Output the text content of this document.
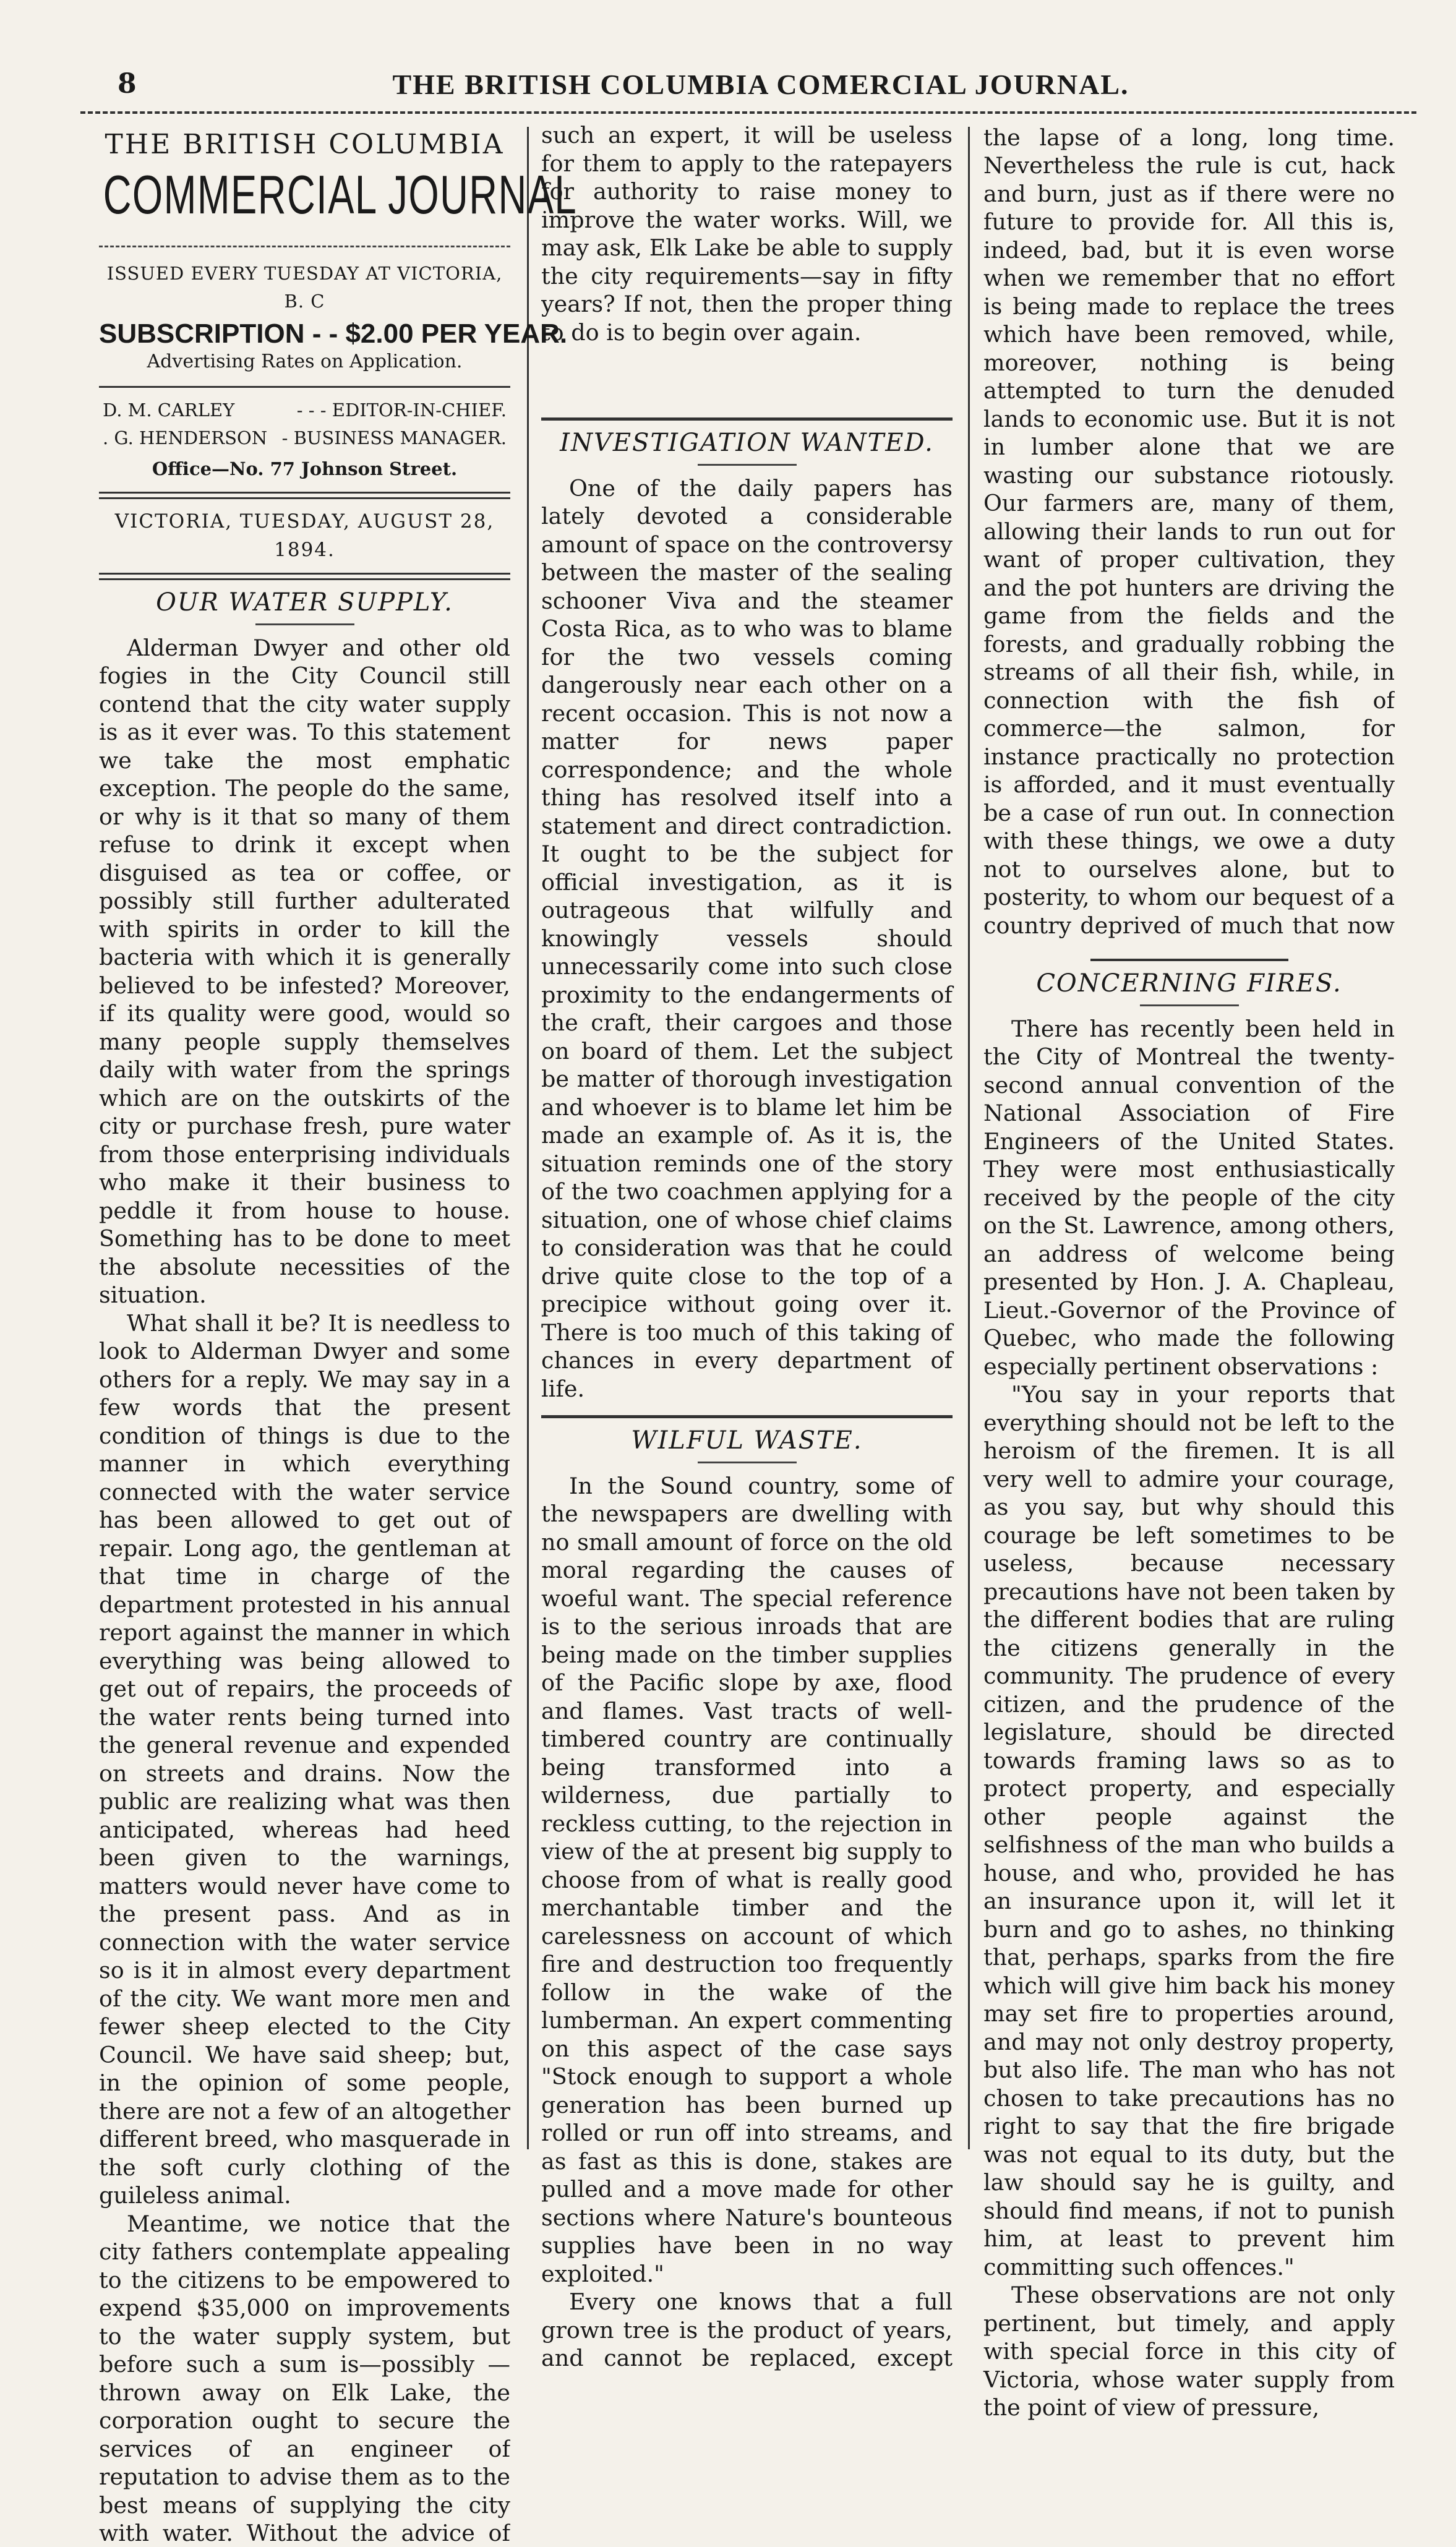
8	THE BRITISH COLUMBIA COMERCIAL JOURNAL.
THE BRITISH COLUMBIA
COMMERCIAL JOURNAL
ISSUED EVERY TUESDAY AT VICTORIA, B. C
SUBSCRIPTION - - $2.00 PER YEAR.
Advertising Rates on Application.
D. M. CARLEY	- - - EDITOR-IN-CHIEF.
. G. HENDERSON - BUSINESS MANAGER.
Office—No. 77 Johnson Street.
VICTORIA, TUESDAY, AUGUST 28, 1894.
OUR WATER SUPPLY.

Alderman Dwyer and other old fogies in the City Council still contend that the city water supply is as it ever was. To this statement we take the most emphatic exception. The people do the same, or why is it that so many of them refuse to drink it except when disguised as tea or coffee, or possibly still further adulterated with spirits in order to kill the bacteria with which it is generally believed to be infested? Moreover, if its quality were good, would so many people supply themselves daily with water from the springs which are on the outskirts of the city or purchase fresh, pure water from those enterprising individuals who make it their business to peddle it from house to house. Something has to be done to meet the absolute necessities of the situation.

What shall it be? It is needless to look to Alderman Dwyer and some others for a reply. We may say in a few words that the present condition of things is due to the manner in which everything connected with the water service has been allowed to get out of repair. Long ago, the gentleman at that time in charge of the department protested in his annual report against the manner in which everything was being allowed to get out of repairs, the proceeds of the water rents being turned into the general revenue and expended on streets and drains. Now the public are realizing what was then anticipated, whereas had heed been given to the warnings, matters would never have come to the present pass. And as in connection with the water service so is it in almost every department of the city. We want more men and fewer sheep elected to the City Council. We have said sheep; but, in the opinion of some people, there are not a few of an altogether different breed, who masquerade in the soft curly clothing of the guileless animal.

Meantime, we notice that the city fathers contemplate appealing to the citizens to be empowered to expend $35,000 on improvements to the water supply system, but before such a sum is—possibly —thrown away on Elk Lake, the corporation ought to secure the services of an engineer of reputation to advise them as to the best means of supplying the city with water. Without the advice of

such an expert, it will be useless for them to apply to the ratepayers for authority to raise money to improve the water works. Will, we may ask, Elk Lake be able to supply the city requirements—say in fifty years? If not, then the proper thing to do is to begin over again.

INVESTIGATION WANTED.

One of the daily papers has lately devoted a considerable amount of space on the controversy between the master of the sealing schooner Viva and the steamer Costa Rica, as to who was to blame for the two vessels coming dangerously near each other on a recent occasion. This is not now a matter for news paper correspondence; and the whole thing has resolved itself into a statement and direct contradiction. It ought to be the subject for official investigation, as it is outrageous that wilfully and knowingly vessels should unnecessarily come into such close proximity to the endangerments of the craft, their cargoes and those on board of them. Let the subject be matter of thorough investigation and whoever is to blame let him be made an example of. As it is, the situation reminds one of the story of the two coachmen applying for a situation, one of whose chief claims to consideration was that he could drive quite close to the top of a precipice without going over it. There is too much of this taking of chances in every department of life.

WILFUL WASTE.

In the Sound country, some of the newspapers are dwelling with no small amount of force on the old moral regarding the causes of woeful want. The special reference is to the serious inroads that are being made on the timber supplies of the Pacific slope by axe, flood and flames. Vast tracts of well-timbered country are continually being transformed into a wilderness, due partially to reckless cutting, to the rejection in view of the at present big supply to choose from of what is really good merchantable timber and the carelessness on account of which fire and destruction too frequently follow in the wake of the lumberman. An expert commenting on this aspect of the case says "Stock enough to support a whole generation has been burned up rolled or run off into streams, and as fast as this is done, stakes are pulled and a move made for other sections where Nature's bounteous supplies have been in no way exploited."

Every one knows that a full grown tree is the product of years, and cannot be replaced, except

the lapse of a long, long time. Nevertheless the rule is cut, hack and burn, just as if there were no future to provide for. All this is, indeed, bad, but it is even worse when we remember that no effort is being made to replace the trees which have been removed, while, moreover, nothing is being attempted to turn the denuded lands to economic use. But it is not in lumber alone that we are wasting our substance riotously. Our farmers are, many of them, allowing their lands to run out for want of proper cultivation, they and the pot hunters are driving the game from the fields and the forests, and gradually robbing the streams of all their fish, while, in connection with the fish of commerce—the salmon, for instance practically no protection is afforded, and it must eventually be a case of run out. In connection with these things, we owe a duty not to ourselves alone, but to posterity, to whom our bequest of a country deprived of much that now

CONCERNING FIRES.

There has recently been held in the City of Montreal the twenty-second annual convention of the National Association of Fire Engineers of the United States. They were most enthusiastically received by the people of the city on the St. Lawrence, among others, an address of welcome being presented by Hon. J. A. Chapleau, Lieut.-Governor of the Province of Quebec, who made the following especially pertinent observations :

"You say in your reports that everything should not be left to the heroism of the firemen. It is all very well to admire your courage, as you say, but why should this courage be left sometimes to be useless, because necessary precautions have not been taken by the different bodies that are ruling the citizens generally in the community. The prudence of every citizen, and the prudence of the legislature, should be directed towards framing laws so as to protect property, and especially other people against the selfishness of the man who builds a house, and who, provided he has an insurance upon it, will let it burn and go to ashes, no thinking that, perhaps, sparks from the fire which will give him back his money may set fire to properties around, and may not only destroy property, but also life. The man who has not chosen to take precautions has no right to say that the fire brigade was not equal to its duty, but the law should say he is guilty, and should find means, if not to punish him, at least to prevent him committing such offences."

These observations are not only pertinent, but timely, and apply with special force in this city of Victoria, whose water supply from the point of view of pressure,
